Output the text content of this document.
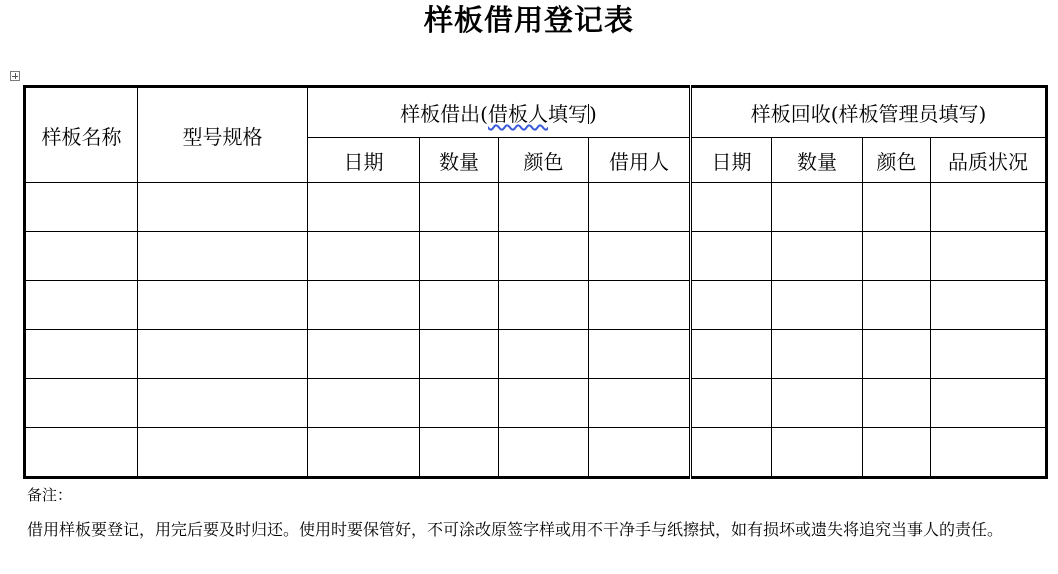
样板借用登记表
样板名称	型号规格	样板借出(借板人填写)				样板回收(样板管理员填写)			
		日期	数量	颜色	借用人	日期	数量	颜色	品质状况

备注：
借用样板要登记，用完后要及时归还。使用时要保管好，不可涂改原签字样或用不干净手与纸擦拭，如有损坏或遗失将追究当事人的责任。
